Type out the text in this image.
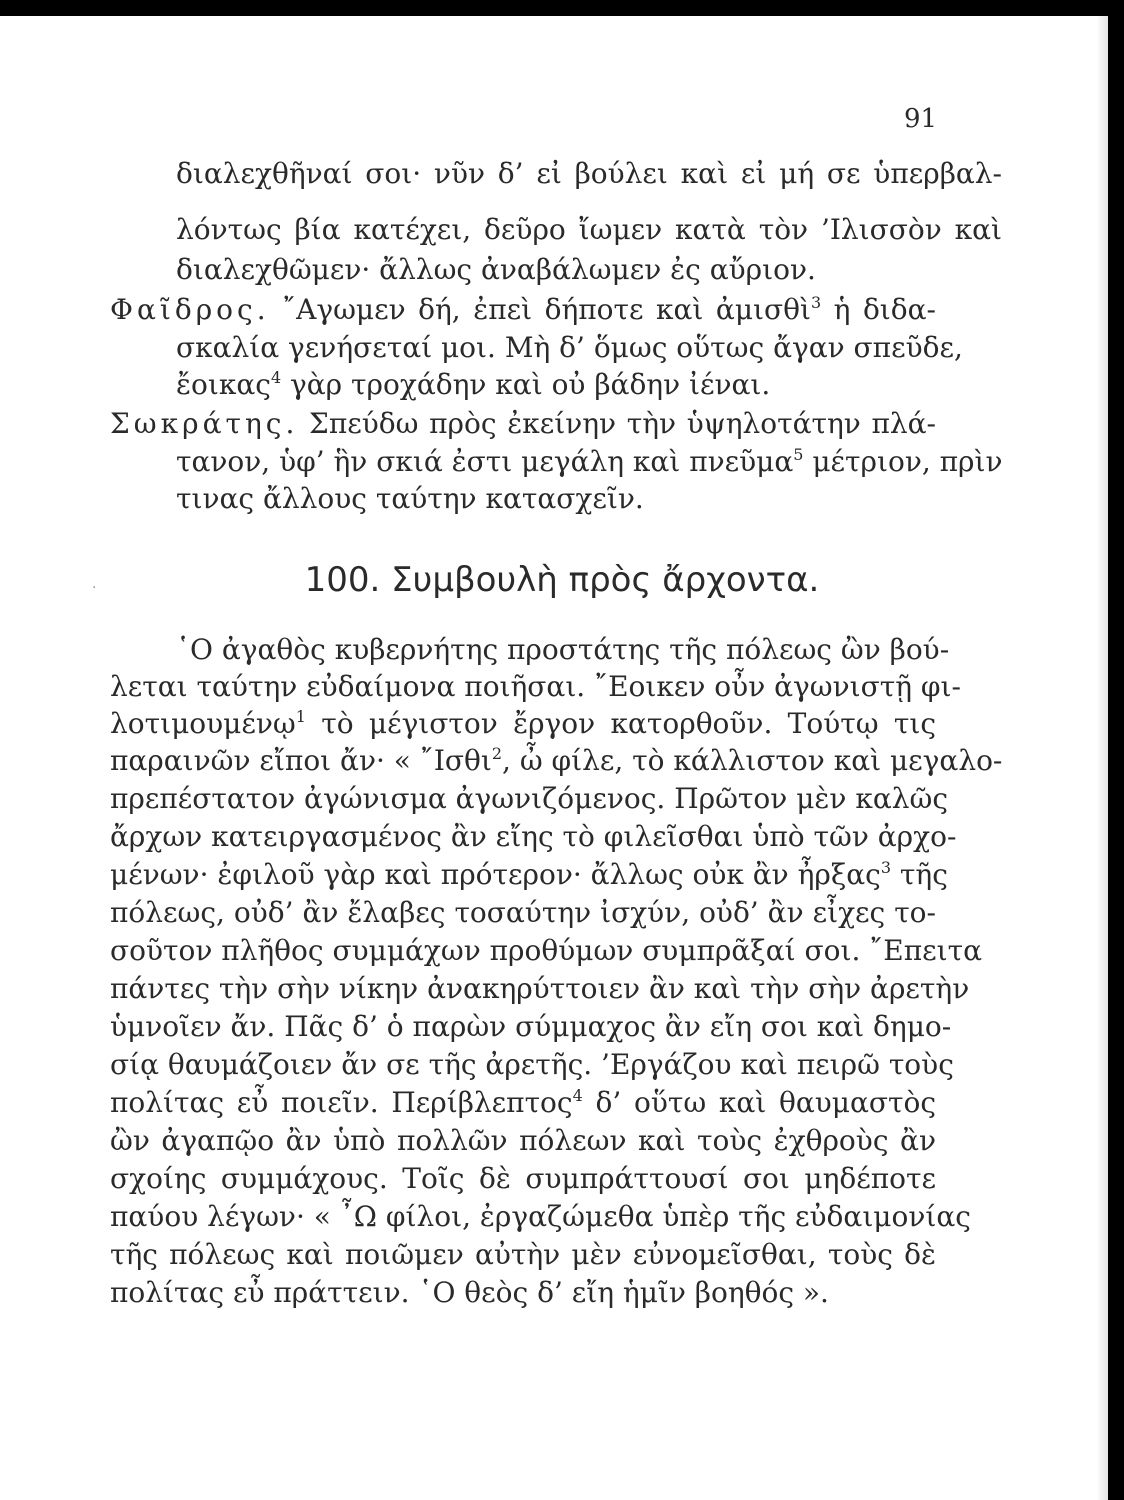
91
διαλεχθῆναί σοι· νῦν δ’ εἰ βούλει καὶ εἰ μή σε ὑπερβαλ-
λόντως βία κατέχει, δεῦρο ἴωμεν κατὰ τὸν ’Ιλισσὸν καὶ
διαλεχθῶμεν· ἄλλως ἀναβάλωμεν ἐς αὔριον.
Φαῖδρος. ῎Αγωμεν δή, ἐπεὶ δήποτε καὶ ἀμισθὶ$^3$ ἡ διδα-
σκαλία γενήσεταί μοι. Μὴ δ’ ὅμως οὕτως ἄγαν σπεῦδε,
ἔοικας$^4$ γὰρ τροχάδην καὶ οὐ βάδην ἰέναι.
Σωκράτης. Σπεύδω πρὸς ἐκείνην τὴν ὑψηλοτάτην πλά-
τανον, ὑφ’ ἣν σκιά ἐστι μεγάλη καὶ πνεῦμα$^5$ μέτριον, πρὶν
τινας ἄλλους ταύτην κατασχεῖν.
·	100. Συμβουλὴ πρὸς ἄρχοντα.
῾Ο ἀγαθὸς κυβερνήτης προστάτης τῆς πόλεως ὢν βού-
λεται ταύτην εὐδαίμονα ποιῆσαι. ῎Εοικεν οὖν ἀγωνιστῇ φι-
λοτιμουμένῳ$^1$ τὸ μέγιστον ἔργον κατορθοῦν. Τούτῳ τις
παραινῶν εἴποι ἄν· « ῎Ισθι$^2$, ὦ φίλε, τὸ κάλλιστον καὶ μεγαλο-
πρεπέστατον ἀγώνισμα ἀγωνιζόμενος. Πρῶτον μὲν καλῶς
ἄρχων κατειργασμένος ἂν εἴης τὸ φιλεῖσθαι ὑπὸ τῶν ἀρχο-
μένων· ἐφιλοῦ γὰρ καὶ πρότερον· ἄλλως οὐκ ἂν ἦρξας$^3$ τῆς
πόλεως, οὐδ’ ἂν ἔλαβες τοσαύτην ἰσχύν, οὐδ’ ἂν εἶχες το-
σοῦτον πλῆθος συμμάχων προθύμων συμπρᾶξαί σοι. ῎Επειτα
πάντες τὴν σὴν νίκην ἀνακηρύττοιεν ἂν καὶ τὴν σὴν ἀρετὴν
ὑμνοῖεν ἄν. Πᾶς δ’ ὁ παρὼν σύμμαχος ἂν εἴη σοι καὶ δημο-
σίᾳ θαυμάζοιεν ἄν σε τῆς ἀρετῆς. ’Εργάζου καὶ πειρῶ τοὺς
πολίτας εὖ ποιεῖν. Περίβλεπτος$^4$ δ’ οὕτω καὶ θαυμαστὸς
ὢν ἀγαπῷο ἂν ὑπὸ πολλῶν πόλεων καὶ τοὺς ἐχθροὺς ἂν
σχοίης συμμάχους. Τοῖς δὲ συμπράττουσί σοι μηδέποτε
παύου λέγων· « ῏Ω φίλοι, ἐργαζώμεθα ὑπὲρ τῆς εὐδαιμονίας
τῆς πόλεως καὶ ποιῶμεν αὐτὴν μὲν εὐνομεῖσθαι, τοὺς δὲ
πολίτας εὖ πράττειν. ῾Ο θεὸς δ’ εἴη ἡμῖν βοηθός ».
